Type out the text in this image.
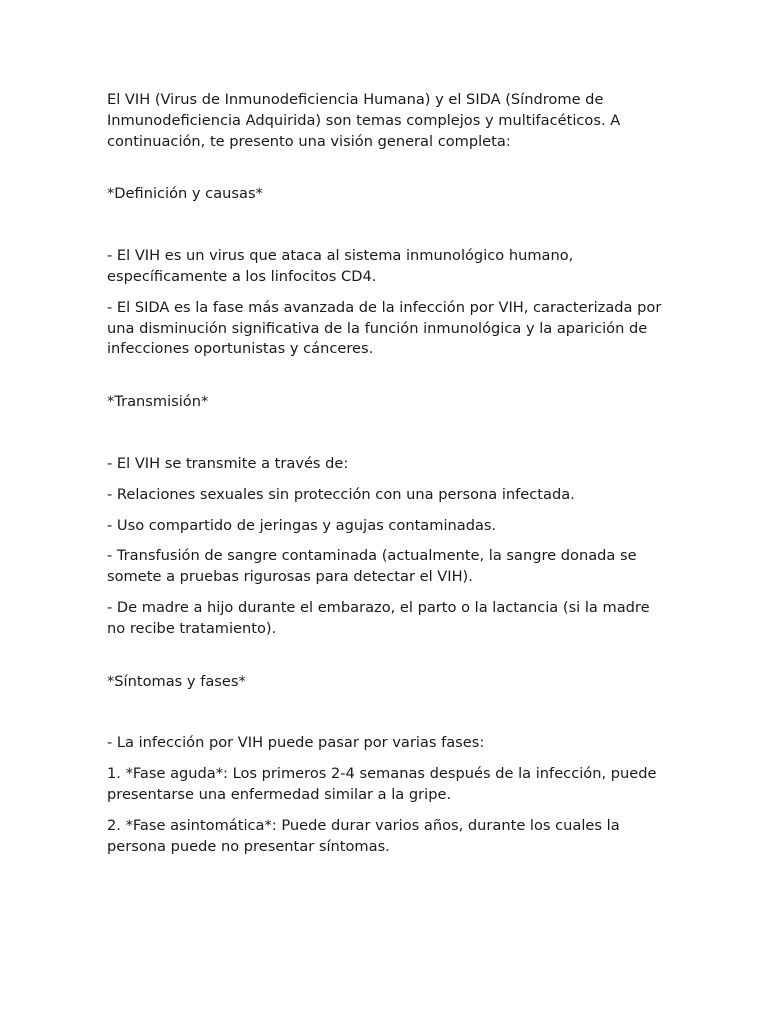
El VIH (Virus de Inmunodeficiencia Humana) y el SIDA (Síndrome de Inmunodeficiencia Adquirida) son temas complejos y multifacéticos. A continuación, te presento una visión general completa:

*Definición y causas*

- El VIH es un virus que ataca al sistema inmunológico humano, específicamente a los linfocitos CD4.

- El SIDA es la fase más avanzada de la infección por VIH, caracterizada por una disminución significativa de la función inmunológica y la aparición de infecciones oportunistas y cánceres.

*Transmisión*

- El VIH se transmite a través de:

- Relaciones sexuales sin protección con una persona infectada.

- Uso compartido de jeringas y agujas contaminadas.

- Transfusión de sangre contaminada (actualmente, la sangre donada se somete a pruebas rigurosas para detectar el VIH).

- De madre a hijo durante el embarazo, el parto o la lactancia (si la madre no recibe tratamiento).

*Síntomas y fases*

- La infección por VIH puede pasar por varias fases:

1. *Fase aguda*: Los primeros 2-4 semanas después de la infección, puede presentarse una enfermedad similar a la gripe.

2. *Fase asintomática*: Puede durar varios años, durante los cuales la persona puede no presentar síntomas.
